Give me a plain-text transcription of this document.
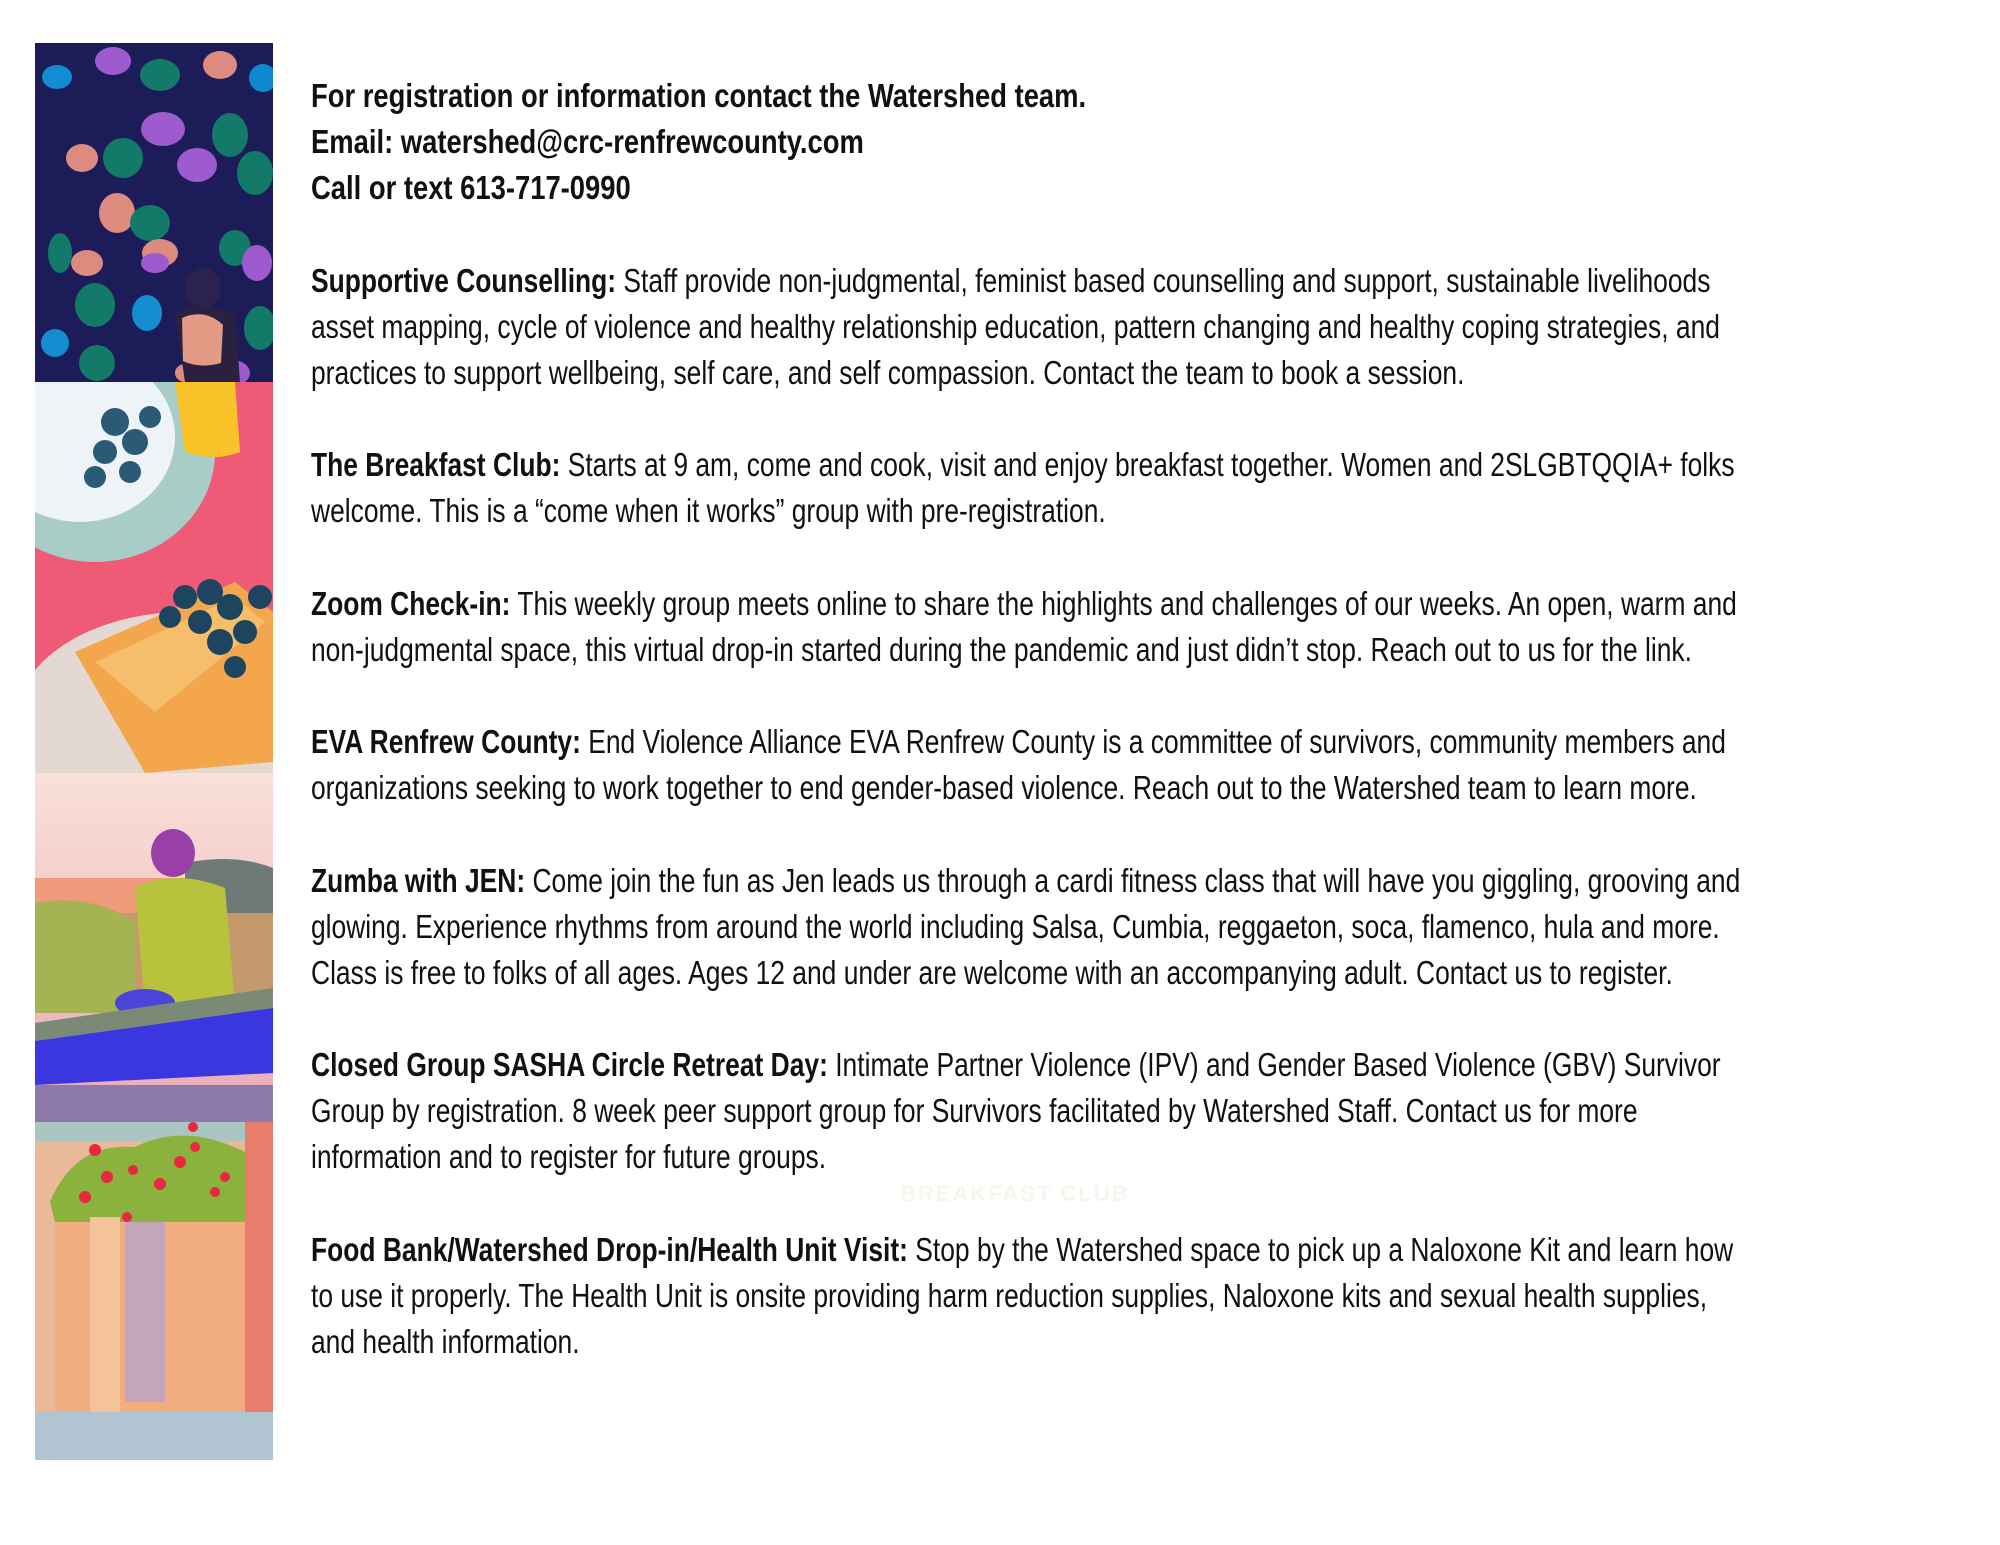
BREAKFAST CLUB
For registration or information contact the Watershed team.
Email: watershed@crc-renfrewcounty.com
Call or text 613-717-0990
Supportive Counselling: Staff provide non-judgmental, feminist based counselling and support, sustainable livelihoods
asset mapping, cycle of violence and healthy relationship education, pattern changing and healthy coping strategies, and
practices to support wellbeing, self care, and self compassion. Contact the team to book a session.
The Breakfast Club: Starts at 9 am, come and cook, visit and enjoy breakfast together. Women and 2SLGBTQQIA+ folks
welcome. This is a “come when it works” group with pre-registration.
Zoom Check-in: This weekly group meets online to share the highlights and challenges of our weeks. An open, warm and
non-judgmental space, this virtual drop-in started during the pandemic and just didn’t stop. Reach out to us for the link.
EVA Renfrew County: End Violence Alliance EVA Renfrew County is a committee of survivors, community members and
organizations seeking to work together to end gender-based violence. Reach out to the Watershed team to learn more.
Zumba with JEN: Come join the fun as Jen leads us through a cardi fitness class that will have you giggling, grooving and
glowing. Experience rhythms from around the world including Salsa, Cumbia, reggaeton, soca, flamenco, hula and more.
Class is free to folks of all ages. Ages 12 and under are welcome with an accompanying adult. Contact us to register.
Closed Group SASHA Circle Retreat Day: Intimate Partner Violence (IPV) and Gender Based Violence (GBV) Survivor
Group by registration. 8 week peer support group for Survivors facilitated by Watershed Staff. Contact us for more
information and to register for future groups.
Food Bank/Watershed Drop-in/Health Unit Visit: Stop by the Watershed space to pick up a Naloxone Kit and learn how
to use it properly. The Health Unit is onsite providing harm reduction supplies, Naloxone kits and sexual health supplies,
and health information.
